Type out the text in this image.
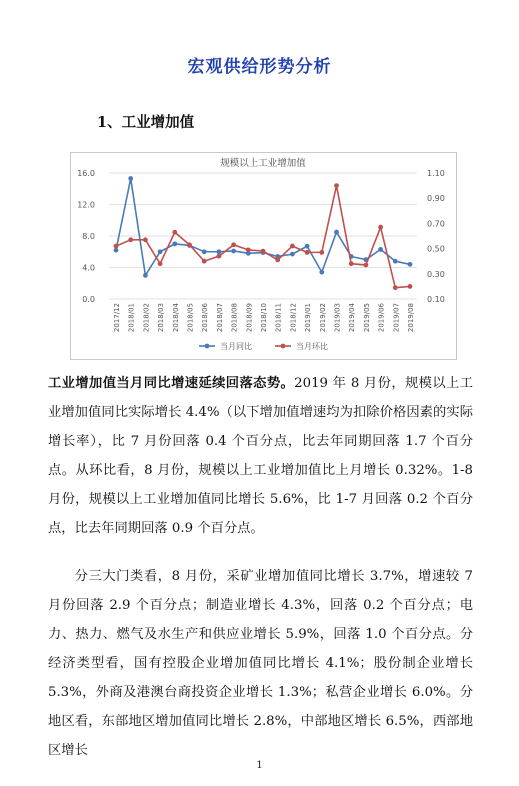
宏观供给形势分析
1、工业增加值
规模以上工业增加值
0.0
4.0
8.0
12.0
16.0
0.10
0.30
0.50
0.70
0.90
1.10
2017/12 2018/01 2018/02 2018/03 2018/04 2018/05 2018/06 2018/07 2018/08 2018/09 2018/10 2018/11 2018/12 2019/01 2019/02 2019/03 2019/04 2019/05 2019/06 2019/07 2019/08
当月同比	当月环比
工业增加值当月同比增速延续回落态势。2019 年 8 月份，规模以上工业增加值同比实际增长 4.4%（以下增加值增速均为扣除价格因素的实际增长率），比 7 月份回落 0.4 个百分点，比去年同期回落 1.7 个百分点。从环比看，8 月份，规模以上工业增加值比上月增长 0.32%。1-8 月份，规模以上工业增加值同比增长 5.6%，比 1-7 月回落 0.2 个百分点，比去年同期回落 0.9 个百分点。
分三大门类看，8 月份，采矿业增加值同比增长 3.7%，增速较 7 月份回落 2.9 个百分点；制造业增长 4.3%，回落 0.2 个百分点；电力、热力、燃气及水生产和供应业增长 5.9%，回落 1.0 个百分点。分经济类型看，国有控股企业增加值同比增长 4.1%；股份制企业增长 5.3%，外商及港澳台商投资企业增长 1.3%；私营企业增长 6.0%。分地区看，东部地区增加值同比增长 2.8%，中部地区增长 6.5%，西部地区增长
1
